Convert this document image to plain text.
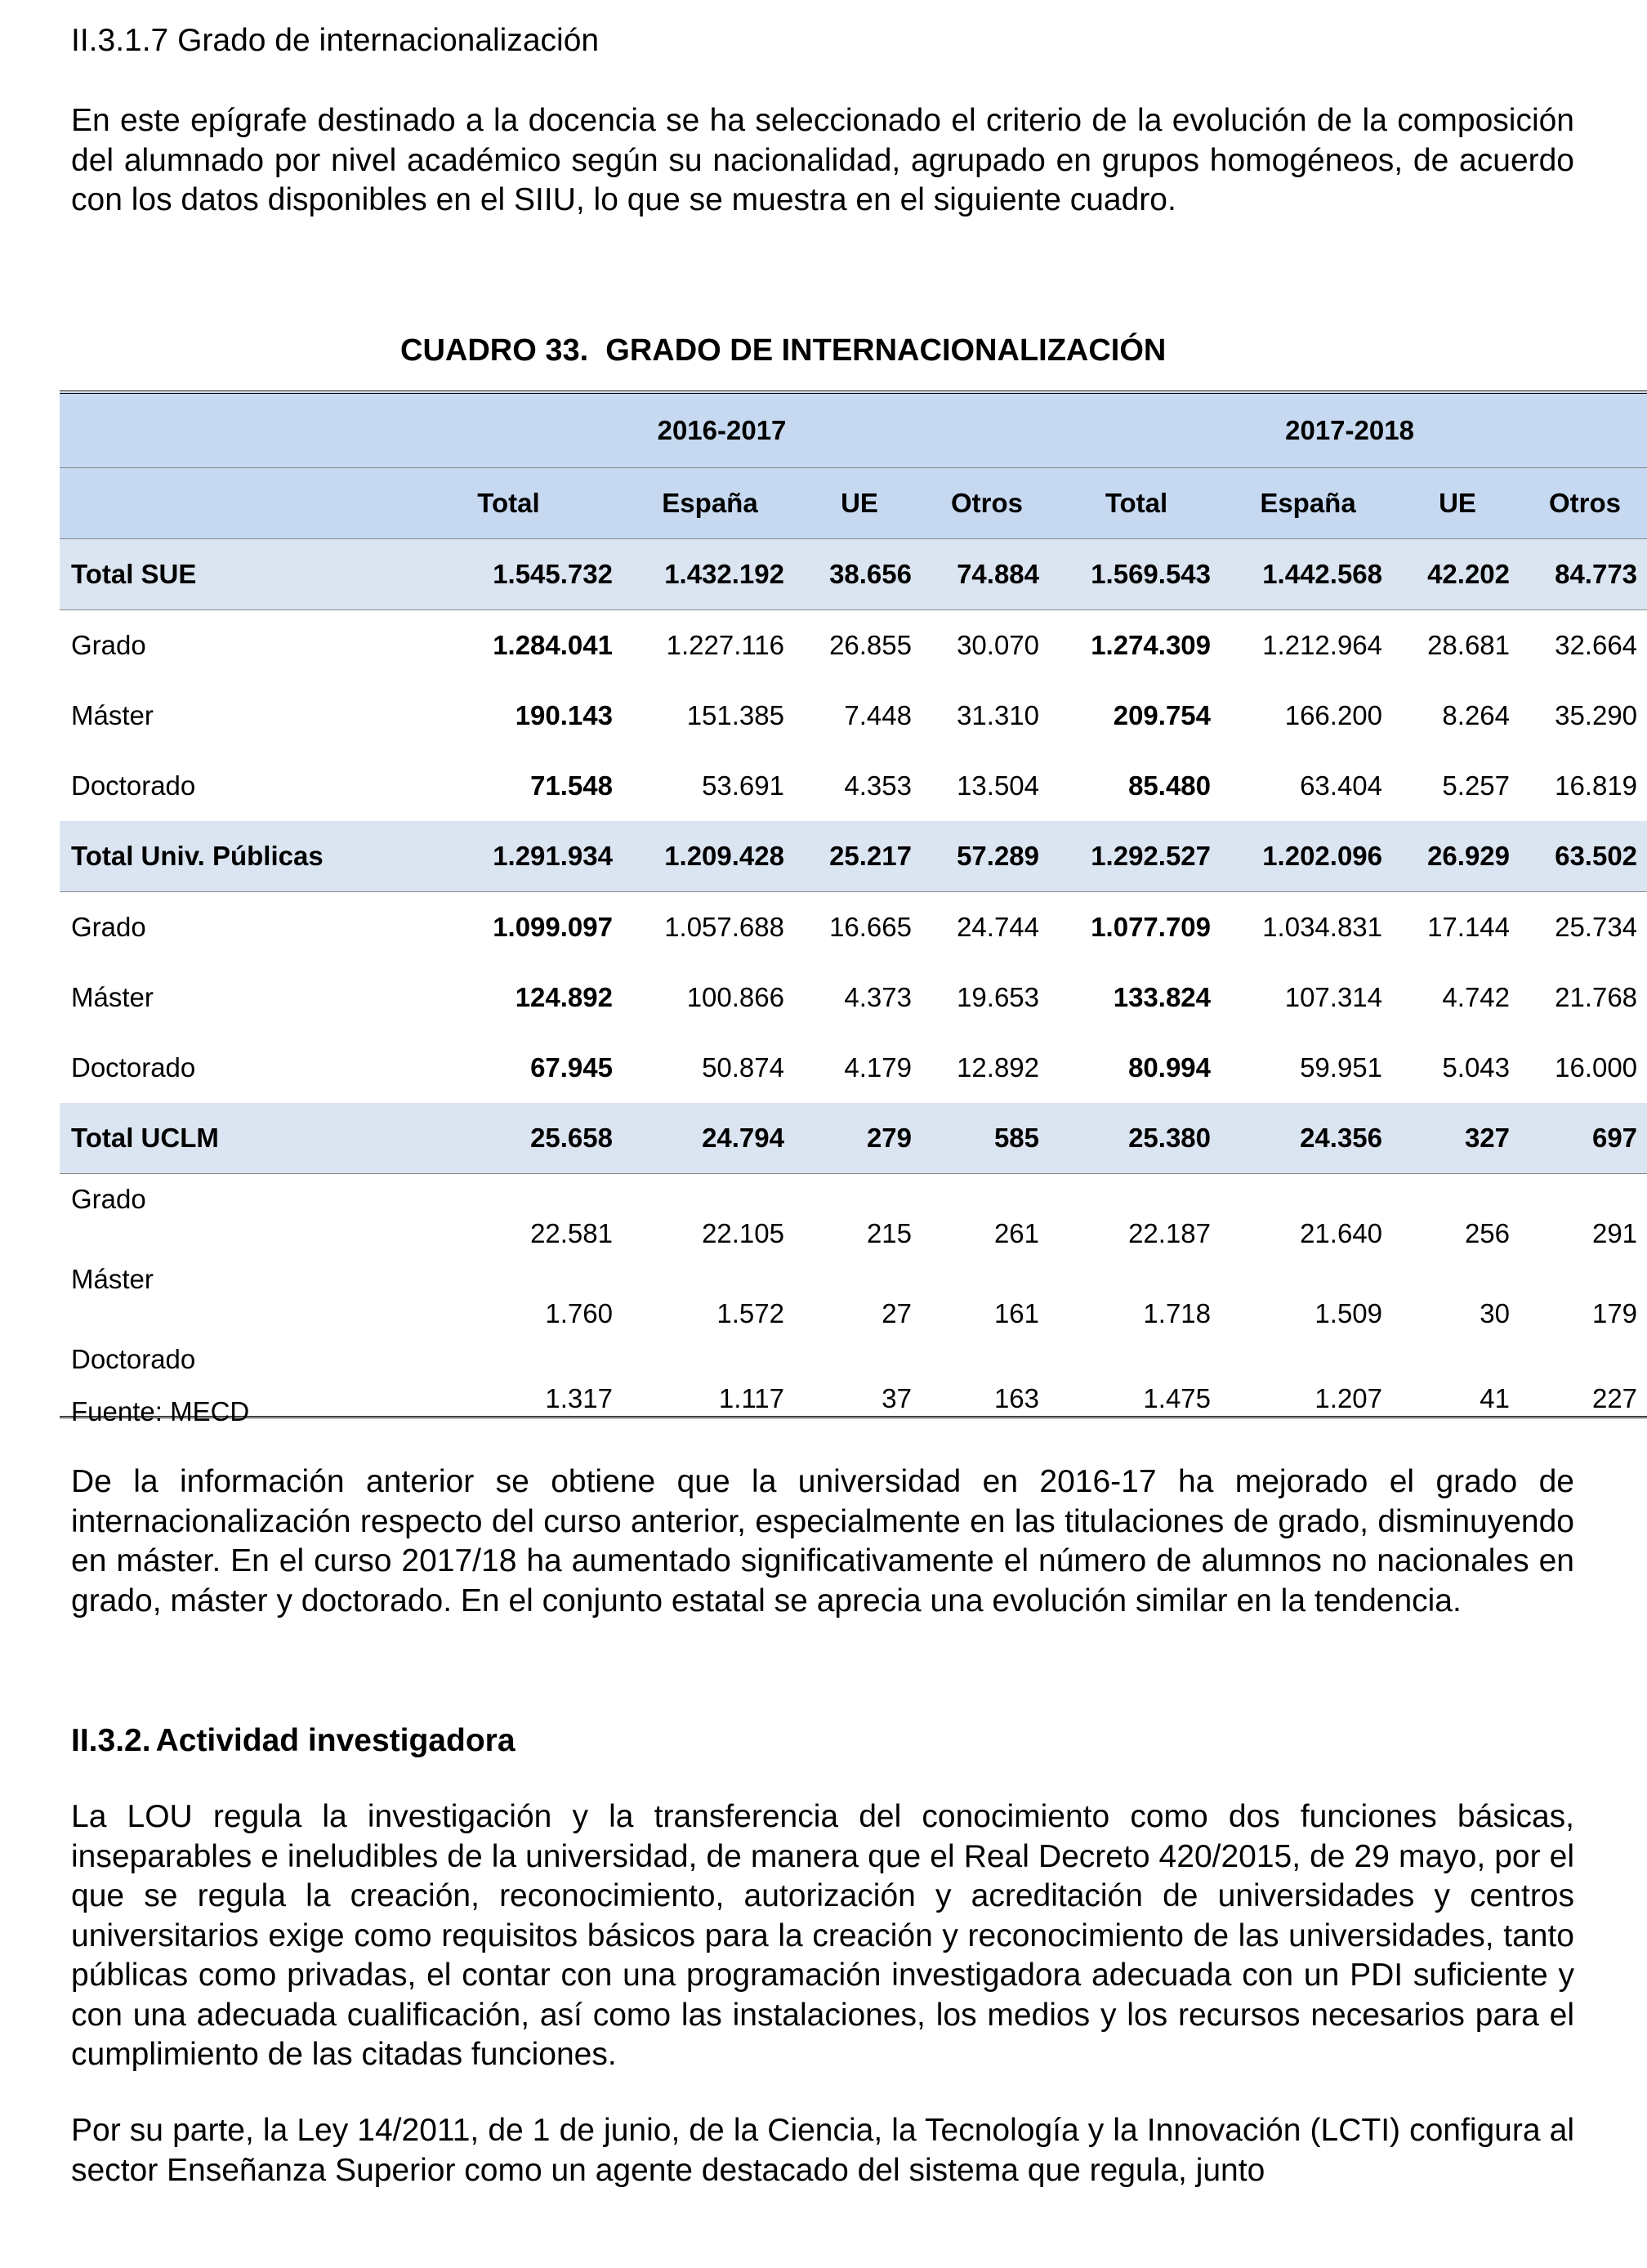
II.3.1.7 Grado de internacionalización
En este epígrafe destinado a la docencia se ha seleccionado el criterio de la evolución de la composición del alumnado por nivel académico según su nacionalidad, agrupado en grupos homogéneos, de acuerdo con los datos disponibles en el SIIU, lo que se muestra en el siguiente cuadro.
CUADRO 33.  GRADO DE INTERNACIONALIZACIÓN
	2016-2017				2017-2018			
	Total	España	UE	Otros	Total	España	UE	Otros
Total SUE	1.545.732	1.432.192	38.656	74.884	1.569.543	1.442.568	42.202	84.773
Grado	1.284.041	1.227.116	26.855	30.070	1.274.309	1.212.964	28.681	32.664
Máster	190.143	151.385	7.448	31.310	209.754	166.200	8.264	35.290
Doctorado	71.548	53.691	4.353	13.504	85.480	63.404	5.257	16.819
Total Univ. Públicas	1.291.934	1.209.428	25.217	57.289	1.292.527	1.202.096	26.929	63.502
Grado	1.099.097	1.057.688	16.665	24.744	1.077.709	1.034.831	17.144	25.734
Máster	124.892	100.866	4.373	19.653	133.824	107.314	4.742	21.768
Doctorado	67.945	50.874	4.179	12.892	80.994	59.951	5.043	16.000
Total UCLM	25.658	24.794	279	585	25.380	24.356	327	697
Grado	22.581	22.105	215	261	22.187	21.640	256	291
Máster	1.760	1.572	27	161	1.718	1.509	30	179
Doctorado	1.317	1.117	37	163	1.475	1.207	41	227
Fuente: MECD
De la información anterior se obtiene que la universidad en 2016-17 ha mejorado el grado de internacionalización respecto del curso anterior, especialmente en las titulaciones de grado, disminuyendo en máster. En el curso 2017/18 ha aumentado significativamente el número de alumnos no nacionales en grado, máster y doctorado. En el conjunto estatal se aprecia una evolución similar en la tendencia.
II.3.2. Actividad investigadora
La LOU regula la investigación y la transferencia del conocimiento como dos funciones básicas, inseparables e ineludibles de la universidad, de manera que el Real Decreto 420/2015, de 29 mayo, por el que se regula la creación, reconocimiento, autorización y acreditación de universidades y centros universitarios exige como requisitos básicos para la creación y reconocimiento de las universidades, tanto públicas como privadas, el contar con una programación investigadora adecuada con un PDI suficiente y con una adecuada cualificación, así como las instalaciones, los medios y los recursos necesarios para el cumplimiento de las citadas funciones.
Por su parte, la Ley 14/2011, de 1 de junio, de la Ciencia, la Tecnología y la Innovación (LCTI) configura al sector Enseñanza Superior como un agente destacado del sistema que regula, junto
